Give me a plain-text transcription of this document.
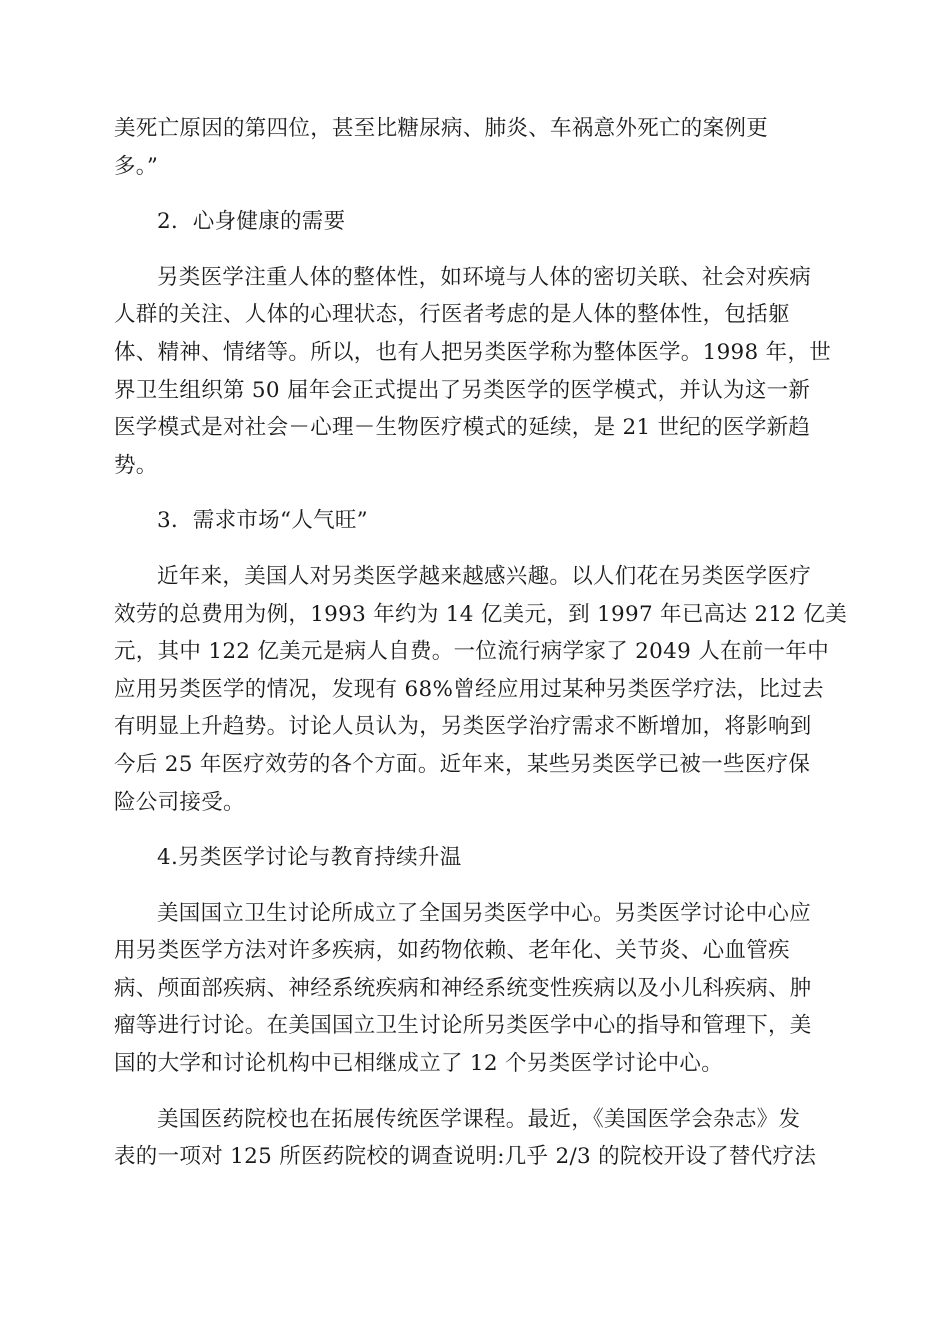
美死亡原因的第四位，甚至比糖尿病、肺炎、车祸意外死亡的案例更
多。”
2．心身健康的需要
另类医学注重人体的整体性，如环境与人体的密切关联、社会对疾病
人群的关注、人体的心理状态，行医者考虑的是人体的整体性，包括躯
体、精神、情绪等。所以，也有人把另类医学称为整体医学。1998 年，世
界卫生组织第 50 届年会正式提出了另类医学的医学模式，并认为这一新
医学模式是对社会－心理－生物医疗模式的延续，是 21 世纪的医学新趋
势。
3．需求市场“人气旺”
近年来，美国人对另类医学越来越感兴趣。以人们花在另类医学医疗
效劳的总费用为例，1993 年约为 14 亿美元，到 1997 年已高达 212 亿美
元，其中 122 亿美元是病人自费。一位流行病学家了 2049 人在前一年中
应用另类医学的情况，发现有 68%曾经应用过某种另类医学疗法，比过去
有明显上升趋势。讨论人员认为，另类医学治疗需求不断增加，将影响到
今后 25 年医疗效劳的各个方面。近年来，某些另类医学已被一些医疗保
险公司接受。
4.另类医学讨论与教育持续升温
美国国立卫生讨论所成立了全国另类医学中心。另类医学讨论中心应
用另类医学方法对许多疾病，如药物依赖、老年化、关节炎、心血管疾
病、颅面部疾病、神经系统疾病和神经系统变性疾病以及小儿科疾病、肿
瘤等进行讨论。在美国国立卫生讨论所另类医学中心的指导和管理下，美
国的大学和讨论机构中已相继成立了 12 个另类医学讨论中心。
美国医药院校也在拓展传统医学课程。最近，《美国医学会杂志》发
表的一项对 125 所医药院校的调查说明:几乎 2/3 的院校开设了替代疗法
